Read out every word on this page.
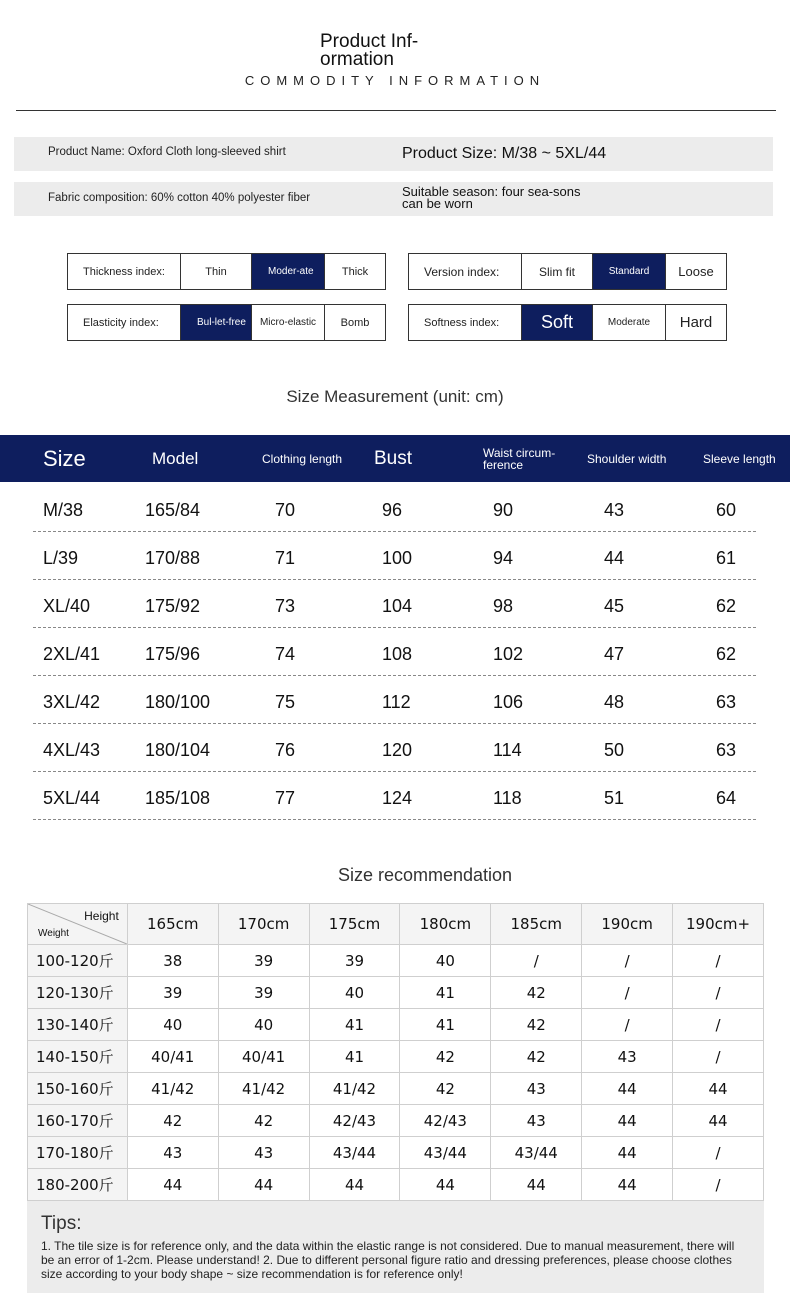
Product Inf-ormation
COMMODITY INFORMATION
Product Name: Oxford Cloth long-sleeved shirt	Product Size: M/38 ~ 5XL/44
Fabric composition: 60% cotton 40% polyester fiber	Suitable season: four sea-sons can be worn
Thickness index:	Thin	Moder-ate	Thick	Version index:	Slim fit	Standard	Loose
Elasticity index:	Bul-let-free	Micro-elastic	Bomb	Softness index:	Soft	Moderate	Hard
Size Measurement (unit: cm)
Size	Model	Clothing length Bust	Waist circum-ference	Shoulder width	Sleeve length
M/38	165/84	70	96	90	43	60
L/39	170/88	71	100	94	44	61
XL/40	175/92	73	104	98	45	62
2XL/41 175/96	74	108	102	47	62
3XL/42 180/100	75	112	106	48	63
4XL/43 180/104	76	120	114	50	63
5XL/44 185/108	77	124	118	51	64
Size recommendation
Height
Weight	165cm	170cm	175cm	180cm	185cm	190cm	190cm+
100-120斤	38	39	39	40	/	/	/
120-130斤	39	39	40	41	42	/	/
130-140斤	40	40	41	41	42	/	/
140-150斤	40/41	40/41	41	42	42	43	/
150-160斤	41/42	41/42	41/42	42	43	44	44
160-170斤	42	42	42/43	42/43	43	44	44
170-180斤	43	43	43/44	43/44	43/44	44	/
180-200斤	44	44	44	44	44	44	/
Tips:
1. The tile size is for reference only, and the data within the elastic range is not considered. Due to manual measurement, there will be an error of 1-2cm. Please understand! 2. Due to different personal figure ratio and dressing preferences, please choose clothes size according to your body shape ~ size recommendation is for reference only!
